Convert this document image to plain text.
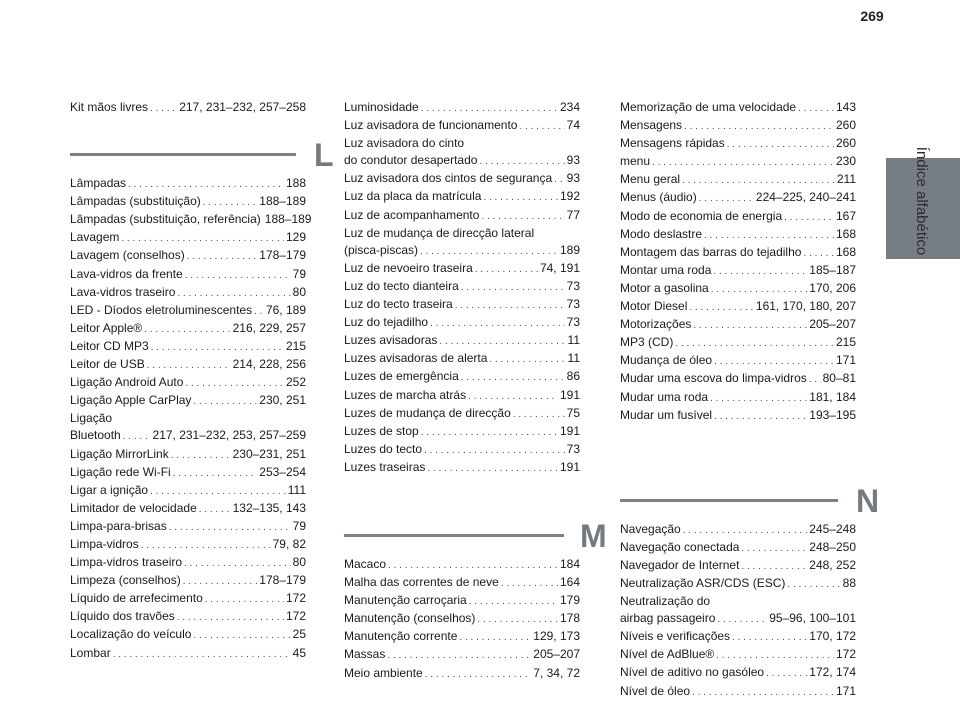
269
Índice alfabético
Kit mãos livres . . .	217, 231–232, 257–258
L
Lâmpadas . . .	188
Lâmpadas (substituição) . . .	188–189
Lâmpadas (substituição, referência) 188–189
Lavagem . . .	129
Lavagem (conselhos) . . .	178–179
Lava-vidros da frente . . .	79
Lava-vidros traseiro . . .	80
LED - Díodos eletroluminescentes . . . 76, 189
Leitor Apple® . . .	216, 229, 257
Leitor CD MP3 . . .	215
Leitor de USB . . .	214, 228, 256
Ligação Android Auto . . .	252
Ligação Apple CarPlay . . .	230, 251
Ligação
Bluetooth . . .	217, 231–232, 253, 257–259
Ligação MirrorLink . . .	230–231, 251
Ligação rede Wi-Fi . . .	253–254
Ligar a ignição . . .	111
Limitador de velocidade . . .	132–135, 143
Limpa-para-brisas . . .	79
Limpa-vidros . . .	79, 82
Limpa-vidros traseiro . . .	80
Limpeza (conselhos) . . .	178–179
Líquido de arrefecimento . . .	172
Líquido dos travões . . .	172
Localização do veículo . . .	25
Lombar . . .	45
Luminosidade . . .	234
Luz avisadora de funcionamento . . .	74
Luz avisadora do cinto
do condutor desapertado . . .	93
Luz avisadora dos cintos de segurança . . . 93
Luz da placa da matrícula . . .	192
Luz de acompanhamento . . .	77
Luz de mudança de direcção lateral
(pisca-piscas) . . .	189
Luz de nevoeiro traseira . . .	74, 191
Luz do tecto dianteira . . .	73
Luz do tecto traseira . . .	73
Luz do tejadilho . . .	73
Luzes avisadoras . . .	11
Luzes avisadoras de alerta . . .	11
Luzes de emergência . . .	86
Luzes de marcha atrás . . .	191
Luzes de mudança de direcção . . .	75
Luzes de stop . . .	191
Luzes do tecto . . .	73
Luzes traseiras . . .	191
M
Macaco . . .	184
Malha das correntes de neve . . .	164
Manutenção carroçaria . . .	179
Manutenção (conselhos) . . .	178
Manutenção corrente . . .	129, 173
Massas . . .	205–207
Meio ambiente . . .	7, 34, 72
Memorização de uma velocidade . . .	143
Mensagens . . .	260
Mensagens rápidas . . .	260
menu . . .	230
Menu geral . . .	211
Menus (áudio) . . .	224–225, 240–241
Modo de economia de energia . . .	167
Modo deslastre . . .	168
Montagem das barras do tejadilho . . .	168
Montar uma roda . . .	185–187
Motor a gasolina . . .	170, 206
Motor Diesel . . .	161, 170, 180, 207
Motorizações . . .	205–207
MP3 (CD) . . .	215
Mudança de óleo . . .	171
Mudar uma escova do limpa-vidros . . . 80–81
Mudar uma roda . . .	181, 184
Mudar um fusível . . .	193–195
N
Navegação . . .	245–248
Navegação conectada . . .	248–250
Navegador de Internet . . .	248, 252
Neutralização ASR/CDS (ESC) . . .	88
Neutralização do
airbag passageiro . . .	95–96, 100–101
Níveis e verificações . . .	170, 172
Nível de AdBlue® . . .	172
Nível de aditivo no gasóleo . . .	172, 174
Nível de óleo . . .	171
